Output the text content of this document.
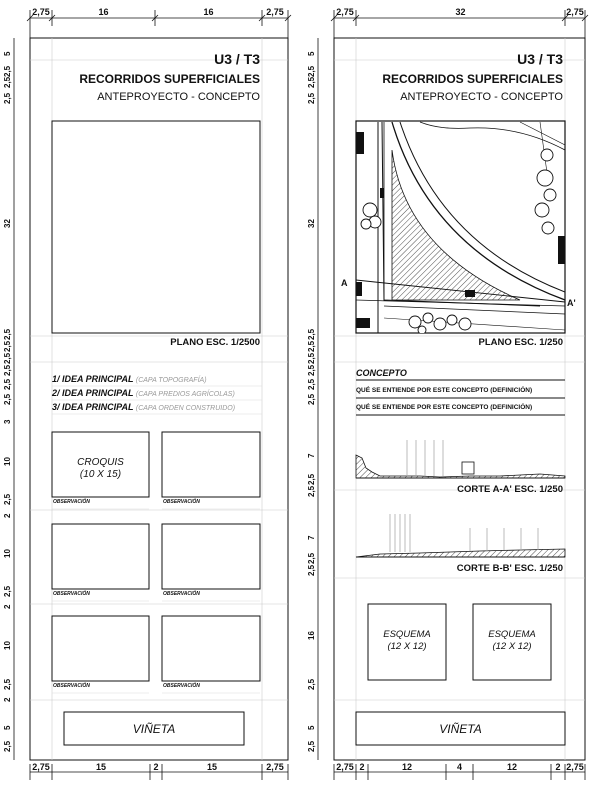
U3 / T3
RECORRIDOS SUPERFICIALES
ANTEPROYECTO - CONCEPTO
PLANO ESC. 1/2500
1/ IDEA PRINCIPAL (CAPA TOPOGRAFÍA)
2/ IDEA PRINCIPAL (CAPA PREDIOS AGRÍCOLAS)
3/ IDEA PRINCIPAL (CAPA ORDEN CONSTRUIDO)
CROQUIS
(10 X 15)
OBSERVACIÓN	OBSERVACIÓN
OBSERVACIÓN	OBSERVACIÓN
OBSERVACIÓN	OBSERVACIÓN
VIÑETA
2,75	16	16	2,75
2,75	15	2	15	2,75
U3 / T3
RECORRIDOS SUPERFICIALES
ANTEPROYECTO - CONCEPTO
A
A'
PLANO ESC. 1/250
CONCEPTO
QUÉ SE ENTIENDE POR ESTE CONCEPTO (DEFINICIÓN)
QUÉ SE ENTIENDE POR ESTE CONCEPTO (DEFINICIÓN)
CORTE A-A' ESC. 1/250
CORTE B-B' ESC. 1/250
ESQUEMA
(12 X 12)
ESQUEMA
(12 X 12)
VIÑETA
2,75	32	2,75
2,75 2	12	4	12	2 2,75
5
2,5
2,5
2,5
32
2,5
2,5
2,5
2,5
2,5
2,5
3
10
2,5
2
10
2,5
2
10
2,5
2
5
2,5
5
2,5
2,5
2,5
32
2,5
2,5
2,5
2,5
2,5
2,5
7
2,5
2,5
7
2,5
2,5
16
2,5
5
2,5
